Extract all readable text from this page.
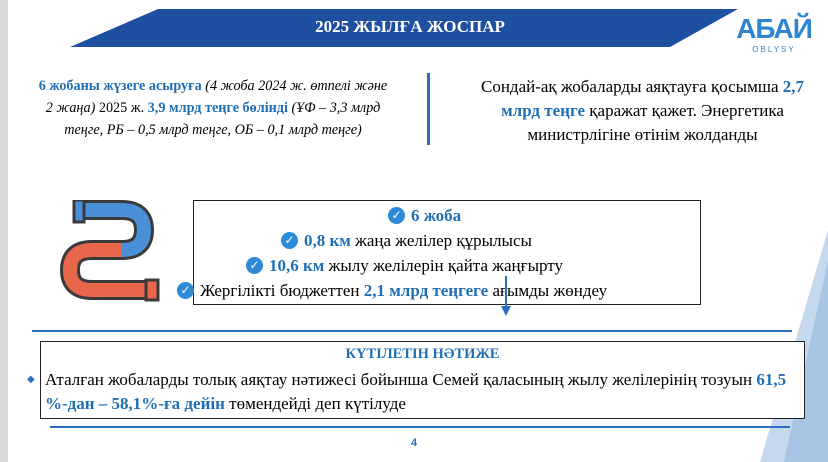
2025 ЖЫЛҒА ЖОСПАР	АБАЙ
OBLYSY
6 жобаны жүзеге асыруға (4 жоба 2024 ж. өтпелі және 2 жаңа) 2025 ж. 3,9 млрд теңге бөлінді (ҰФ – 3,3 млрд теңге, РБ – 0,5 млрд теңге, ОБ – 0,1 млрд теңге)
Сондай-ақ жобаларды аяқтауға қосымша 2,7 млрд теңге қаражат қажет. Энергетика министрлігіне өтінім жолданды
✓ 6 жоба
✓ 0,8 км жаңа желілер құрылысы
✓ 10,6 км жылу желілерін қайта жаңғырту
✓ Жергілікті бюджеттен 2,1 млрд теңгеге ағымды жөндеу
КҮТІЛЕТІН НӘТИЖЕ
◆ Аталған жобаларды толық аяқтау нәтижесі бойынша Семей қаласының жылу желілерінің тозуын 61,5 %-дан – 58,1%-ға дейін төмендейді деп күтілуде
4
